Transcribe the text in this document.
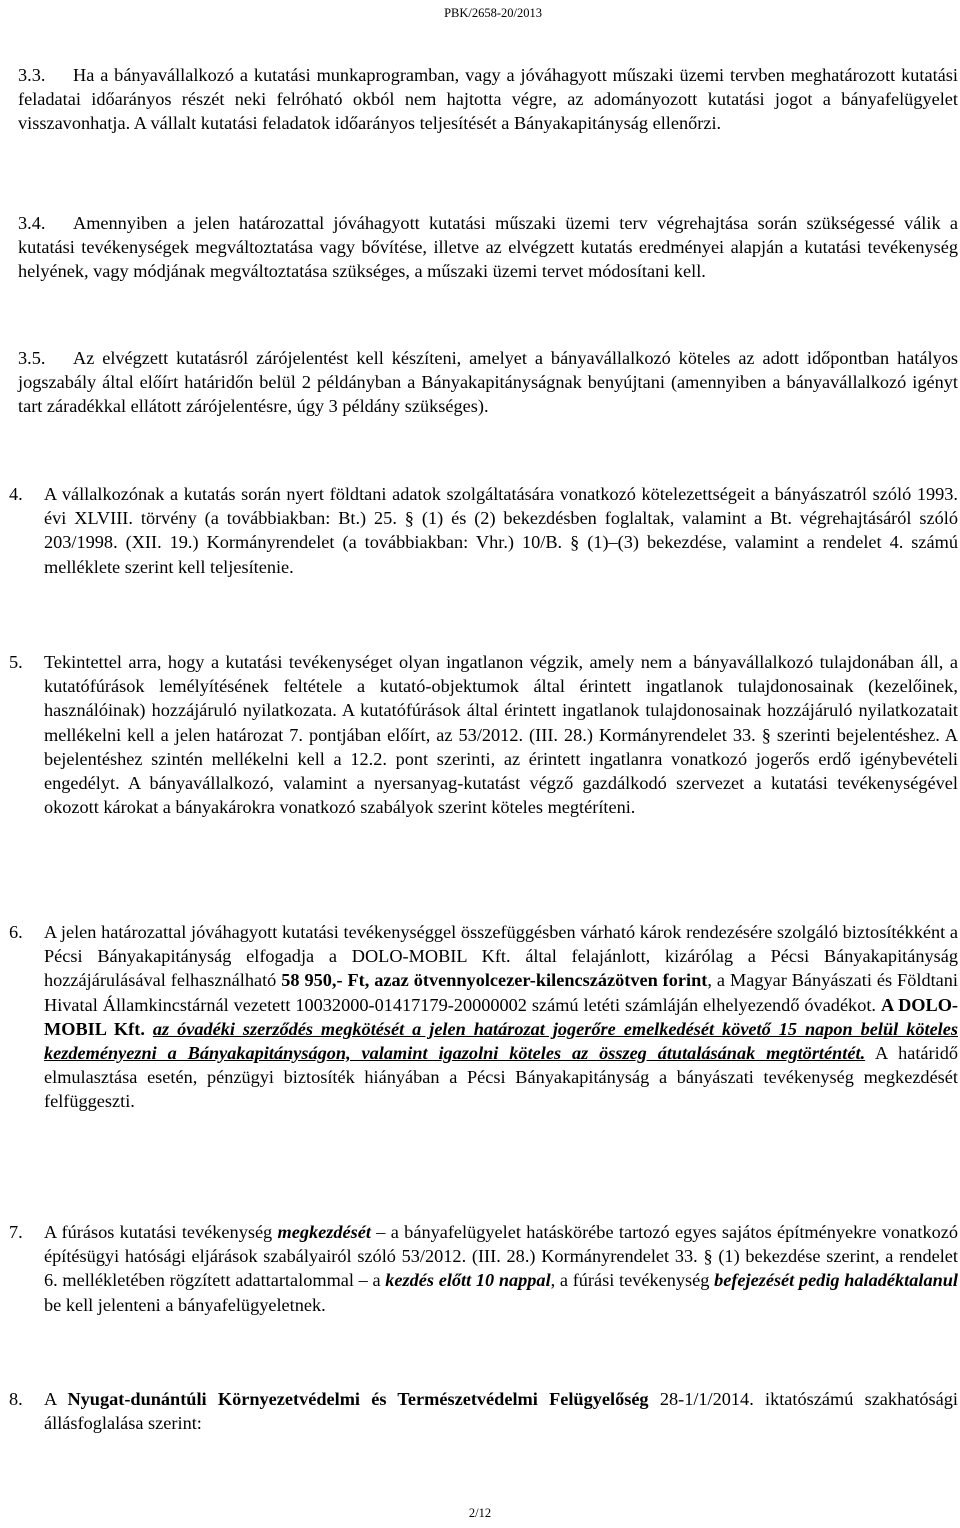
PBK/2658-20/2013
3.3.	Ha a bányavállalkozó a kutatási munkaprogramban, vagy a jóváhagyott műszaki üzemi tervben meghatározott kutatási feladatai időarányos részét neki felróható okból nem hajtotta végre, az adományozott kutatási jogot a bányafelügyelet visszavonhatja. A vállalt kutatási feladatok időarányos teljesítését a Bányakapitányság ellenőrzi.
3.4.	Amennyiben a jelen határozattal jóváhagyott kutatási műszaki üzemi terv végrehajtása során szükségessé válik a kutatási tevékenységek megváltoztatása vagy bővítése, illetve az elvégzett kutatás eredményei alapján a kutatási tevékenység helyének, vagy módjának megváltoztatása szükséges, a műszaki üzemi tervet módosítani kell.
3.5.	Az elvégzett kutatásról zárójelentést kell készíteni, amelyet a bányavállalkozó köteles az adott időpontban hatályos jogszabály által előírt határidőn belül 2 példányban a Bányakapitányságnak benyújtani (amennyiben a bányavállalkozó igényt tart záradékkal ellátott zárójelentésre, úgy 3 példány szükséges).
4. A vállalkozónak a kutatás során nyert földtani adatok szolgáltatására vonatkozó kötelezettségeit a bányászatról szóló 1993. évi XLVIII. törvény (a továbbiakban: Bt.) 25. § (1) és (2) bekezdésben foglaltak, valamint a Bt. végrehajtásáról szóló 203/1998. (XII. 19.) Kormányrendelet (a továbbiakban: Vhr.) 10/B. § (1)–(3) bekezdése, valamint a rendelet 4. számú melléklete szerint kell teljesítenie.
5. Tekintettel arra, hogy a kutatási tevékenységet olyan ingatlanon végzik, amely nem a bányavállalkozó tulajdonában áll, a kutatófúrások lemélyítésének feltétele a kutató-objektumok által érintett ingatlanok tulajdonosainak (kezelőinek, használóinak) hozzájáruló nyilatkozata. A kutatófúrások által érintett ingatlanok tulajdonosainak hozzájáruló nyilatkozatait mellékelni kell a jelen határozat 7. pontjában előírt, az 53/2012. (III. 28.) Kormányrendelet 33. § szerinti bejelentéshez. A bejelentéshez szintén mellékelni kell a 12.2. pont szerinti, az érintett ingatlanra vonatkozó jogerős erdő igénybevételi engedélyt. A bányavállalkozó, valamint a nyersanyag-kutatást végző gazdálkodó szervezet a kutatási tevékenységével okozott károkat a bányakárokra vonatkozó szabályok szerint köteles megtéríteni.
6. A jelen határozattal jóváhagyott kutatási tevékenységgel összefüggésben várható károk rendezésére szolgáló biztosítékként a Pécsi Bányakapitányság elfogadja a DOLO-MOBIL Kft. által felajánlott, kizárólag a Pécsi Bányakapitányság hozzájárulásával felhasználható 58 950,- Ft, azaz ötvennyolcezer-kilencszázötven forint, a Magyar Bányászati és Földtani Hivatal Államkincstárnál vezetett 10032000-01417179-20000002 számú letéti számláján elhelyezendő óvadékot. A DOLO-MOBIL Kft. az óvadéki szerződés megkötését a jelen határozat jogerőre emelkedését követő 15 napon belül köteles kezdeményezni a Bányakapitányságon, valamint igazolni köteles az összeg átutalásának megtörténtét. A határidő elmulasztása esetén, pénzügyi biztosíték hiányában a Pécsi Bányakapitányság a bányászati tevékenység megkezdését felfüggeszti.
7. A fúrásos kutatási tevékenység megkezdését – a bányafelügyelet hatáskörébe tartozó egyes sajátos építményekre vonatkozó építésügyi hatósági eljárások szabályairól szóló 53/2012. (III. 28.) Kormányrendelet 33. § (1) bekezdése szerint, a rendelet 6. mellékletében rögzített adattartalommal – a kezdés előtt 10 nappal, a fúrási tevékenység befejezését pedig haladéktalanul be kell jelenteni a bányafelügyeletnek.
8. A Nyugat-dunántúli Környezetvédelmi és Természetvédelmi Felügyelőség 28-1/1/2014. iktatószámú szakhatósági állásfoglalása szerint:
2/12
